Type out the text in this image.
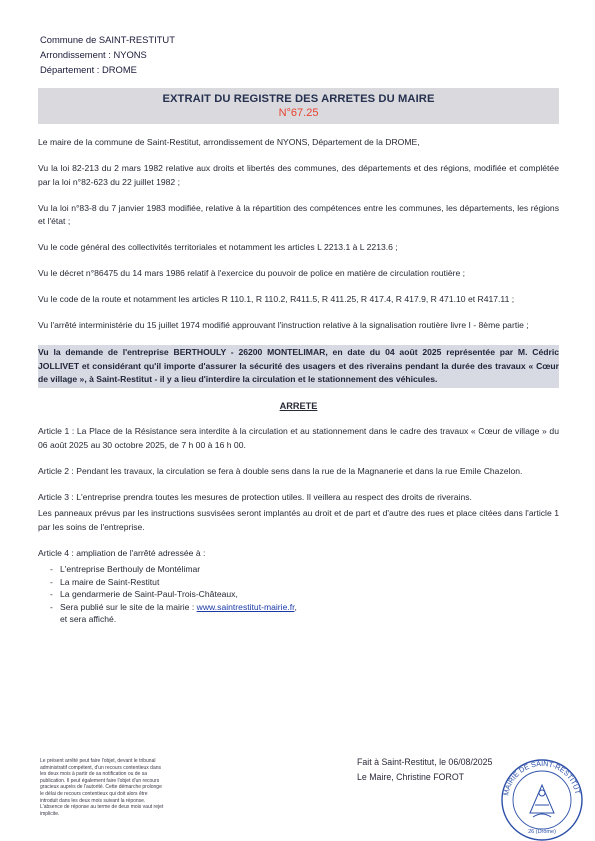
Commune de SAINT-RESTITUT
Arrondissement : NYONS
Département : DROME
EXTRAIT DU REGISTRE DES ARRETES DU MAIRE
N°67.25

Le maire de la commune de Saint-Restitut, arrondissement de NYONS, Département de la DROME,

Vu la loi 82-213 du 2 mars 1982 relative aux droits et libertés des communes, des départements et des régions, modifiée et complétée par la loi n°82-623 du 22 juillet 1982 ;

Vu la loi n°83-8 du 7 janvier 1983 modifiée, relative à la répartition des compétences entre les communes, les départements, les régions et l'état ;

Vu le code général des collectivités territoriales et notamment les articles L 2213.1 à L 2213.6 ;

Vu le décret n°86475 du 14 mars 1986 relatif à l'exercice du pouvoir de police en matière de circulation routière ;

Vu le code de la route et notamment les articles R 110.1, R 110.2, R411.5, R 411.25, R 417.4, R 417.9, R 471.10 et R417.11 ;

Vu l'arrêté interministérie du 15 juillet 1974 modifié approuvant l'instruction relative à la signalisation routière livre I - 8ème partie ;

Vu la demande de l'entreprise BERTHOULY - 26200 MONTELIMAR, en date du 04 août 2025 représentée par M. Cédric JOLLIVET et considérant qu'il importe d'assurer la sécurité des usagers et des riverains pendant la durée des travaux « Cœur de village », à Saint-Restitut - il y a lieu d'interdire la circulation et le stationnement des véhicules.

ARRETE

Article 1 : La Place de la Résistance sera interdite à la circulation et au stationnement dans le cadre des travaux « Cœur de village » du 06 août 2025 au 30 octobre 2025, de 7 h 00 à 16 h 00.

Article 2 : Pendant les travaux, la circulation se fera à double sens dans la rue de la Magnanerie et dans la rue Emile Chazelon.

Article 3 : L'entreprise prendra toutes les mesures de protection utiles. Il veillera au respect des droits de riverains.

Les panneaux prévus par les instructions susvisées seront implantés au droit et de part et d'autre des rues et place citées dans l'article 1 par les soins de l'entreprise.

Article 4 : ampliation de l'arrêté adressée à :

- L'entreprise Berthouly de Montélimar
- La maire de Saint-Restitut
- La gendarmerie de Saint-Paul-Trois-Châteaux,
- Sera publié sur le site de la mairie : www.saintrestitut-mairie.fr,
et sera affiché.
Le présent arrêté peut faire l'objet, devant le tribunal administratif compétent, d'un recours contentieux dans les deux mois à partir de sa notification ou de sa publication. Il peut également faire l'objet d'un recours gracieux auprès de l'autorité. Cette démarche prolonge le délai de recours contentieux qui doit alors être introduit dans les deux mois suivant la réponse. L'absence de réponse au terme de deux mois vaut rejet implicite.
Fait à Saint-Restitut, le 06/08/2025
Le Maire, Christine FOROT
MAIRIE DE SAINT-RESTITUT
26 (Drôme)
